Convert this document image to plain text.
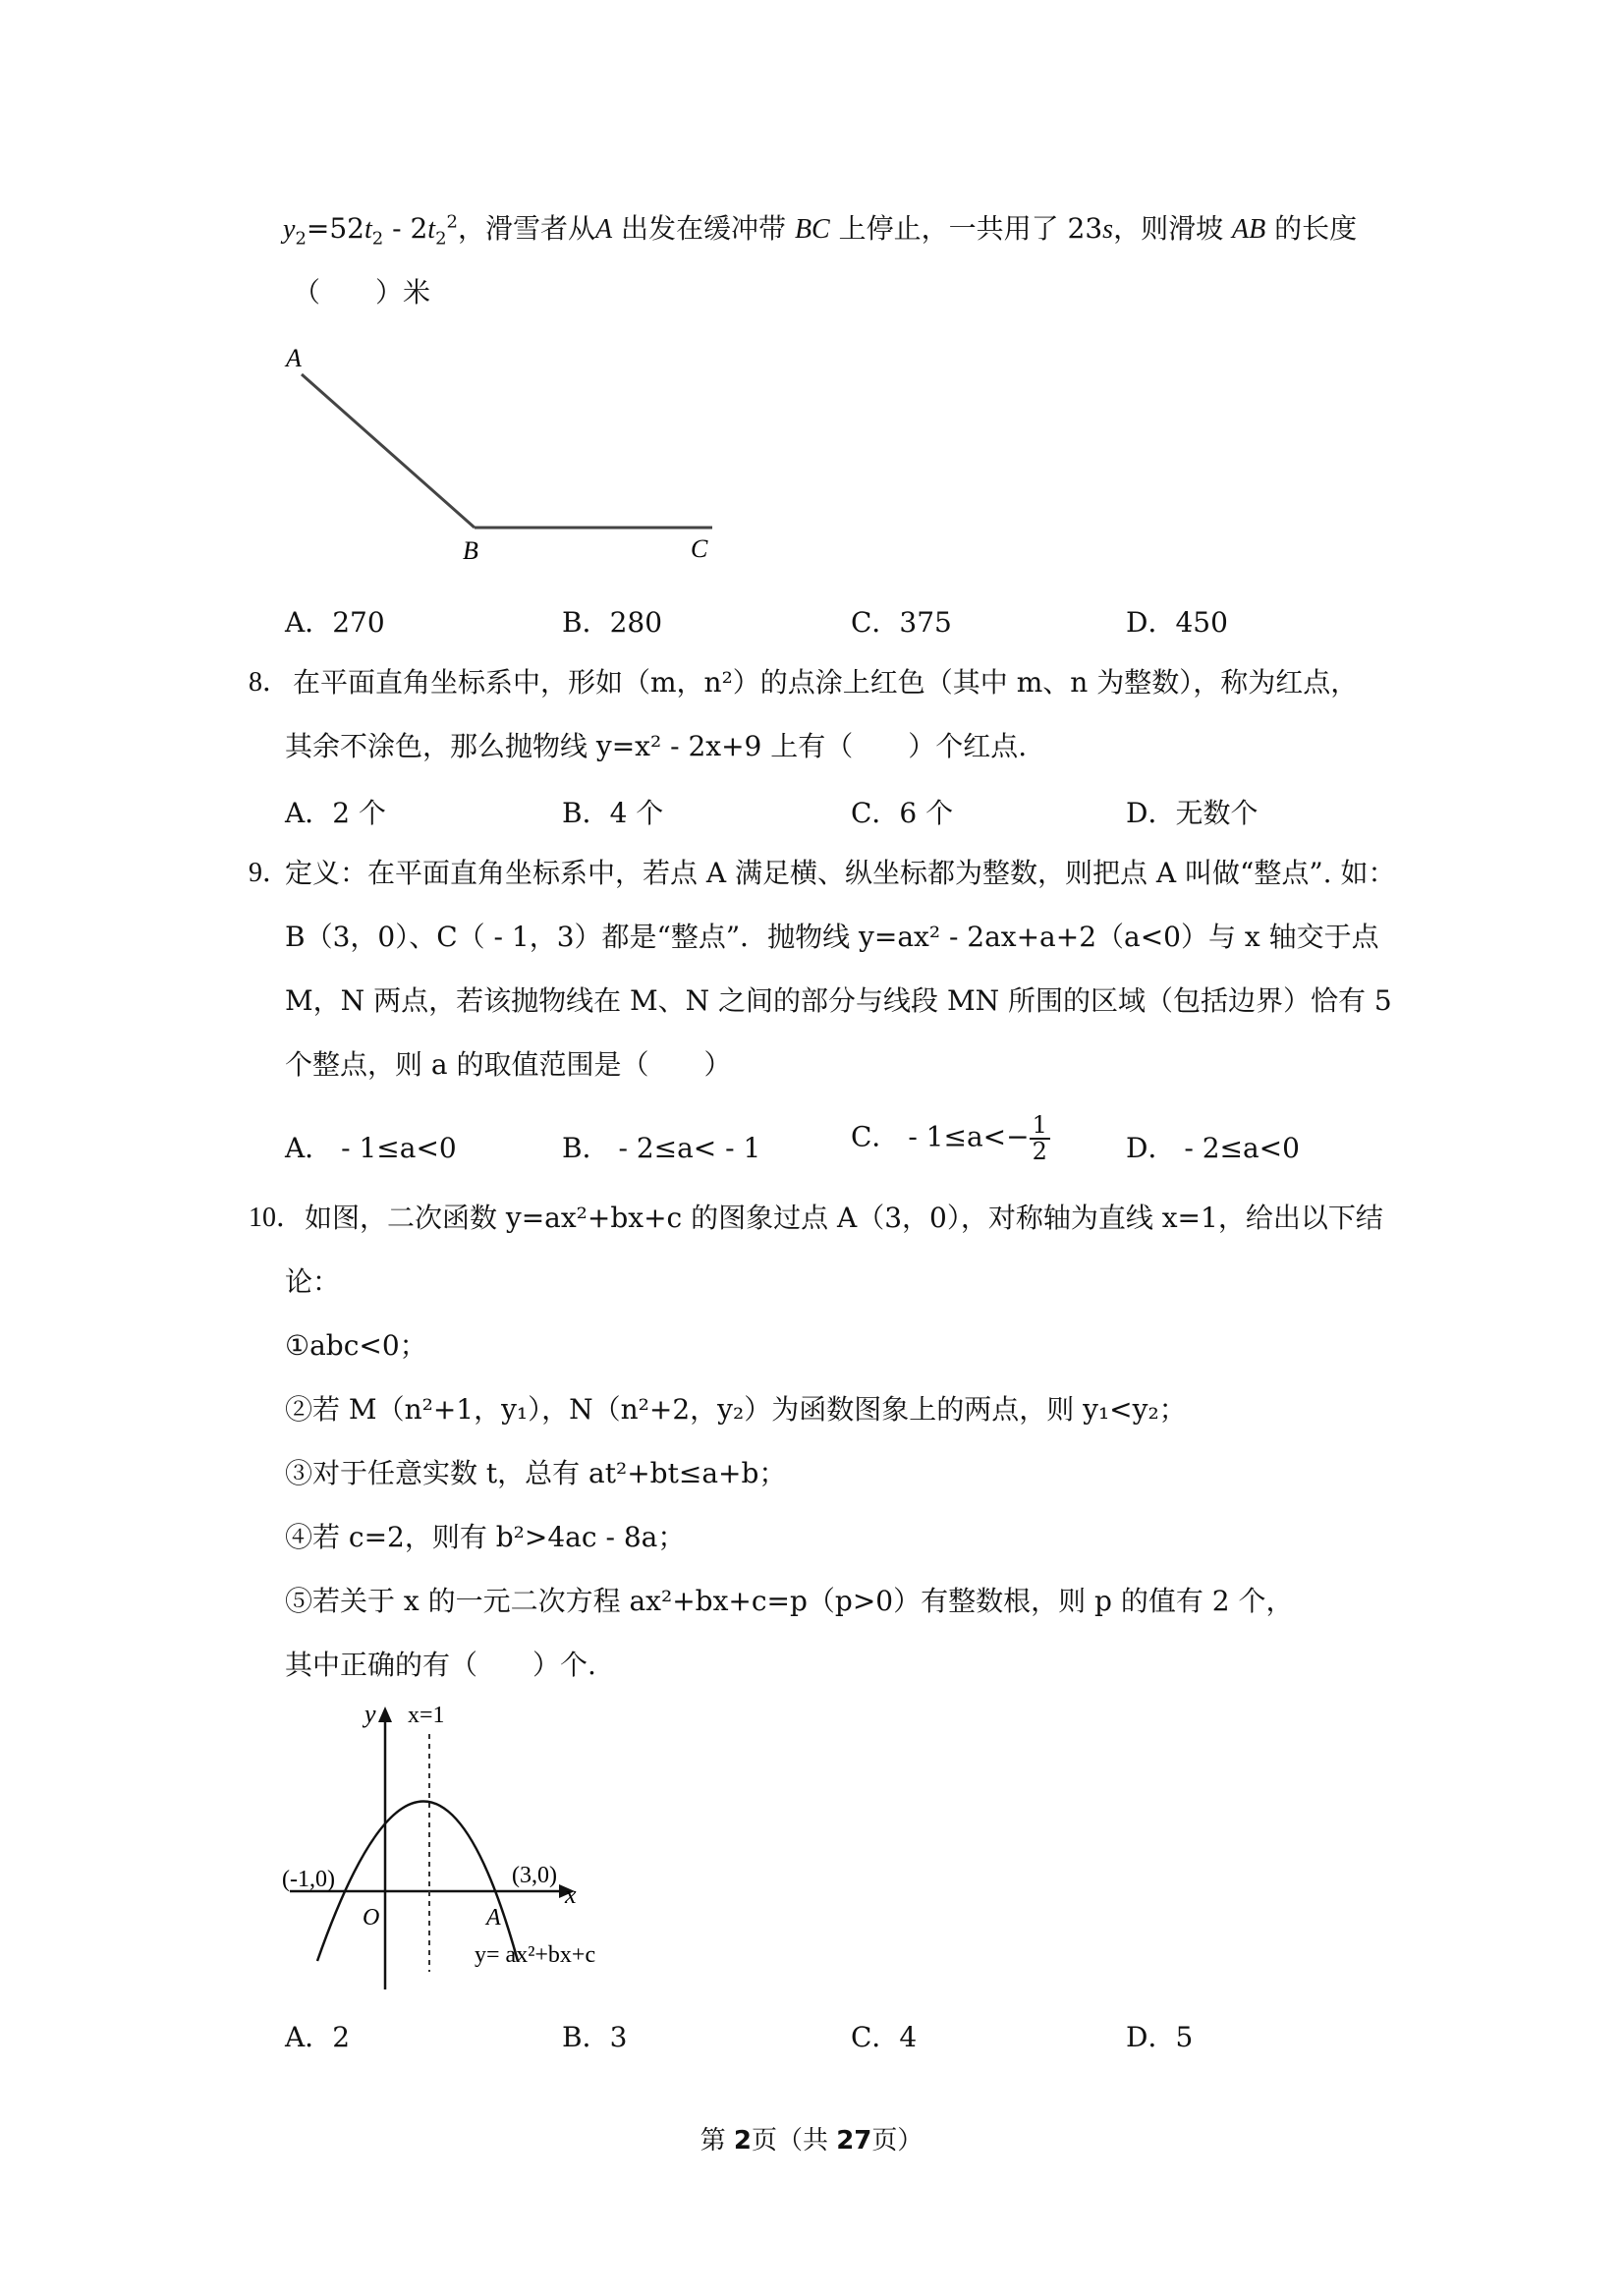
$y_2=52t_2 - 2t_2^2$，滑雪者从A 出发在缓冲带 BC 上停止，一共用了 23s，则滑坡 AB 的长度
（　　）米
A
B	C
A．270	B．280	C．375	D．450
8． 在平面直角坐标系中，形如（m，n²）的点涂上红色（其中 m、n 为整数），称为红点，
其余不涂色，那么抛物线 y=x² - 2x+9 上有（　　）个红点.
A．2 个	B．4 个	C．6 个	D．无数个
9．
定义：在平面直角坐标系中，若点 A 满足横、纵坐标都为整数，则把点 A 叫做“整点”. 如：
B（3，0）、C（ - 1，3）都是“整点”．抛物线 y=ax² - 2ax+a+2（a<0）与 x 轴交于点
M，N 两点，若该抛物线在 M、N 之间的部分与线段 MN 所围的区域（包括边界）恰有 5
个整点，则 a 的取值范围是（　　）
A． - 1≤a<0	B． - 2≤a< - 1	C． - $1\le a<- \frac{1}{2}$	D． - 2≤a<0
10． 如图，二次函数 y=ax²+bx+c 的图象过点 A（3，0），对称轴为直线 x=1，给出以下结
论：
①abc<0；
②若 M（n²+1，y₁），N（n²+2，y₂）为函数图象上的两点，则 y₁<y₂；
③对于任意实数 t，总有 at²+bt≤a+b；
④若 c=2，则有 b²>4ac - 8a；
⑤若关于 x 的一元二次方程 ax²+bx+c=p（p>0）有整数根，则 p 的值有 2 个，
其中正确的有（　　）个.
y
x
x=1
(-1,0)	(3,0)
O	A
y= ax²+bx+c
A．2	B．3	C．4	D．5
第 2页（共 27页）
